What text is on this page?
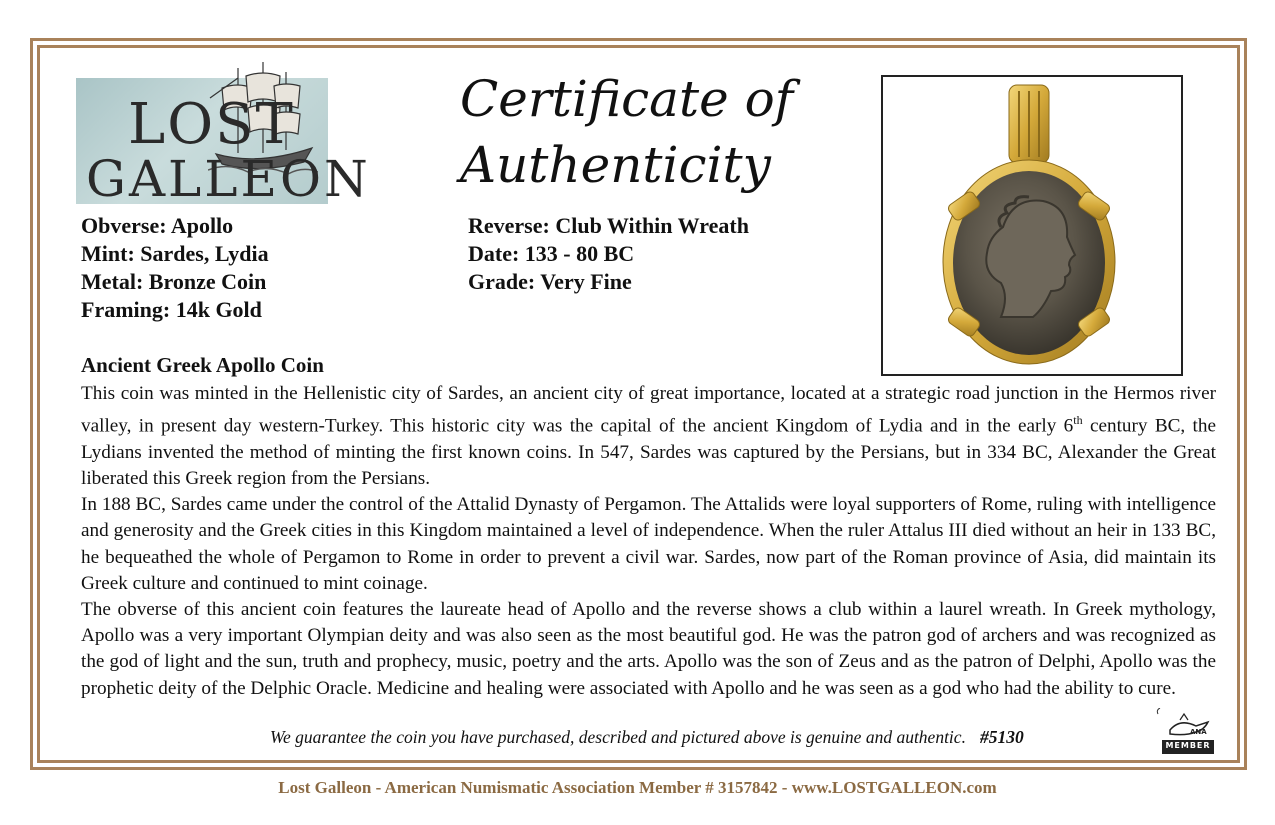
LOST
GALLEON
Certificate of
Authenticity
Obverse: Apollo
Mint: Sardes, Lydia
Metal: Bronze Coin
Framing: 14k Gold
Reverse: Club Within Wreath
Date: 133 - 80 BC
Grade: Very Fine
Ancient Greek Apollo Coin

This coin was minted in the Hellenistic city of Sardes, an ancient city of great importance, located at a strategic road junction in the Hermos river valley, in present day western-Turkey. This historic city was the capital of the ancient Kingdom of Lydia and in the early 6th century BC, the Lydians invented the method of minting the first known coins. In 547, Sardes was captured by the Persians, but in 334 BC, Alexander the Great liberated this Greek region from the Persians.

In 188 BC, Sardes came under the control of the Attalid Dynasty of Pergamon. The Attalids were loyal supporters of Rome, ruling with intelligence and generosity and the Greek cities in this Kingdom maintained a level of independence. When the ruler Attalus III died without an heir in 133 BC, he bequeathed the whole of Pergamon to Rome in order to prevent a civil war. Sardes, now part of the Roman province of Asia, did maintain its Greek culture and continued to mint coinage.

The obverse of this ancient coin features the laureate head of Apollo and the reverse shows a club within a laurel wreath. In Greek mythology, Apollo was a very important Olympian deity and was also seen as the most beautiful god. He was the patron god of archers and was recognized as the god of light and the sun, truth and prophecy, music, poetry and the arts. Apollo was the son of Zeus and as the patron of Delphi, Apollo was the prophetic deity of the Delphic Oracle. Medicine and healing were associated with Apollo and he was seen as a god who had the ability to cure.

We guarantee the coin you have purchased, described and pictured above is genuine and authentic. #5130	ANA
MEMBER
Lost Galleon - American Numismatic Association Member # 3157842 - www.LOSTGALLEON.com
